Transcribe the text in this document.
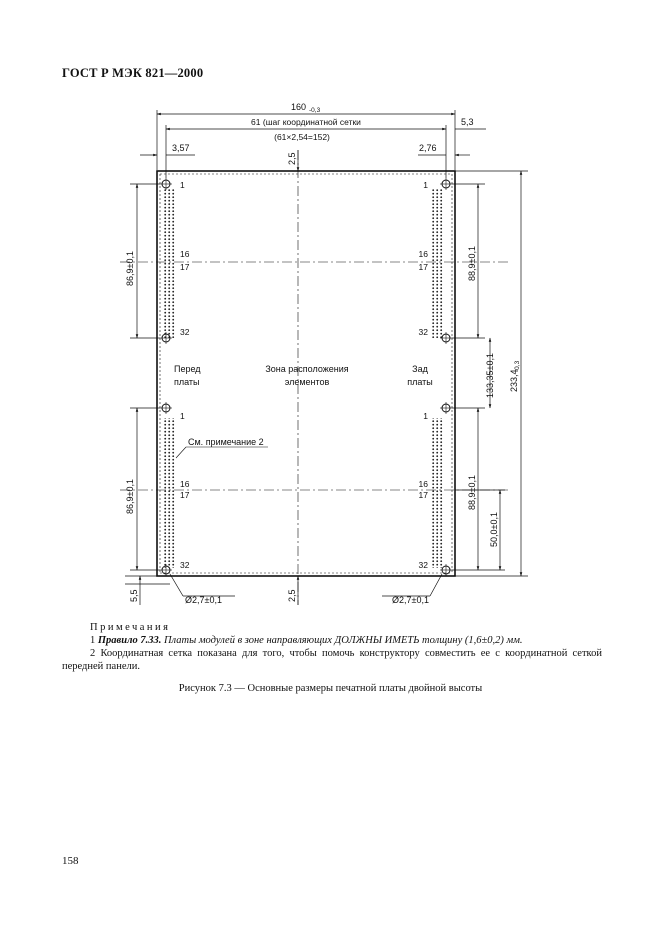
ГОСТ Р МЭК 821—2000
1
16
17
32
1
16
17
32
1
16
17
32
1
16
17
32
Перед
платы
Зона расположения
элементов
Зад
платы
См. примечание 2
160 -0,3
61 (шаг координатной сетки
(61×2,54=152)
5,3
3,57	2,76
2,5
2,5
5,5
86,9±0,1
86,9±0,1
88,9±0,1
88,9±0,1
133,35±0,1
50,0±0,1
233,4
-0,3
Ø2,7±0,1	Ø2,7±0,1
Примечания
1 Правило 7.33. Платы модулей в зоне направляющих ДОЛЖНЫ ИМЕТЬ толщину (1,6±0,2) мм.
2 Координатная сетка показана для того, чтобы помочь конструктору совместить ее с координатной сеткой передней панели.
Рисунок 7.3 — Основные размеры печатной платы двойной высоты
158
